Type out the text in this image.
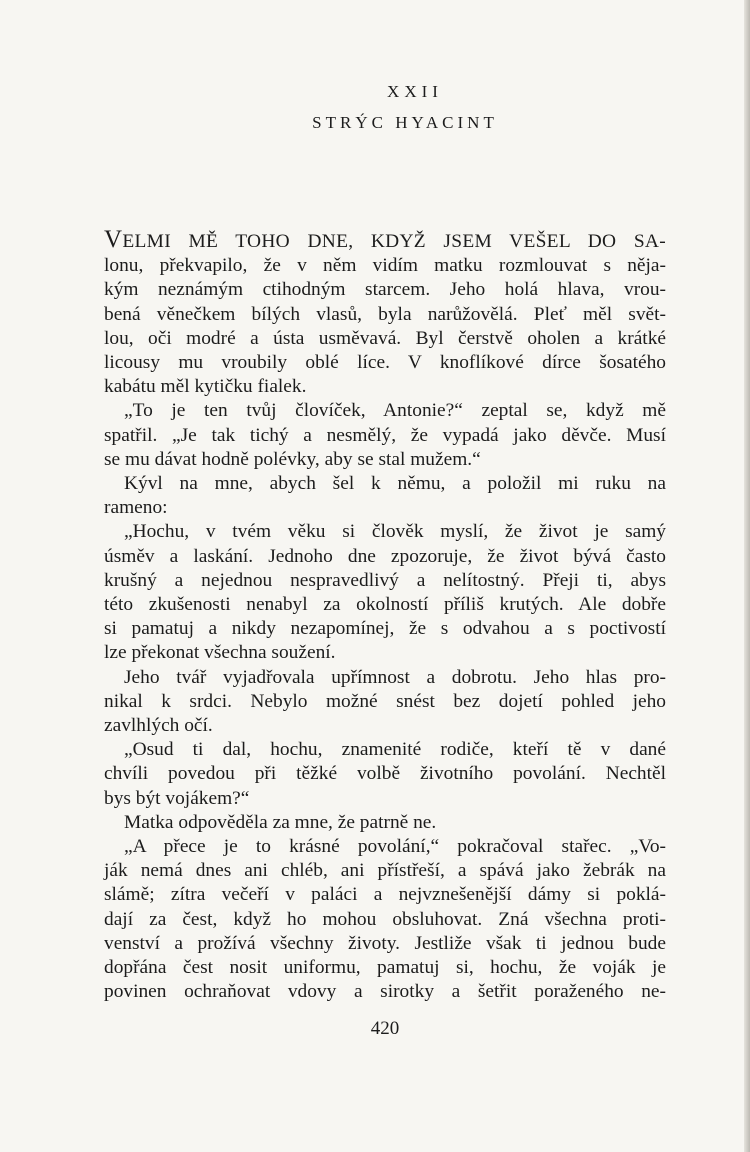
XXII
STRÝC HYACINT
VELMI MĚ TOHO DNE, KDYŽ JSEM VEŠEL DO SA-
lonu, překvapilo, že v něm vidím matku rozmlouvat s něja-
kým neznámým ctihodným starcem. Jeho holá hlava, vrou-
bená věnečkem bílých vlasů, byla narůžovělá. Pleť měl svět-
lou, oči modré a ústa usměvavá. Byl čerstvě oholen a krátké
licousy mu vroubily oblé líce. V knoflíkové dírce šosatého
kabátu měl kytičku fialek.
„To je ten tvůj človíček, Antonie?“ zeptal se, když mě
spatřil. „Je tak tichý a nesmělý, že vypadá jako děvče. Musí
se mu dávat hodně polévky, aby se stal mužem.“
Kývl na mne, abych šel k němu, a položil mi ruku na
rameno:
„Hochu, v tvém věku si člověk myslí, že život je samý
úsměv a laskání. Jednoho dne zpozoruje, že život bývá často
krušný a nejednou nespravedlivý a nelítostný. Přeji ti, abys
této zkušenosti nenabyl za okolností příliš krutých. Ale dobře
si pamatuj a nikdy nezapomínej, že s odvahou a s poctivostí
lze překonat všechna soužení.
Jeho tvář vyjadřovala upřímnost a dobrotu. Jeho hlas pro-
nikal k srdci. Nebylo možné snést bez dojetí pohled jeho
zavlhlých očí.
„Osud ti dal, hochu, znamenité rodiče, kteří tě v dané
chvíli povedou při těžké volbě životního povolání. Nechtěl
bys být vojákem?“
Matka odpověděla za mne, že patrně ne.
„A přece je to krásné povolání,“ pokračoval stařec. „Vo-
ják nemá dnes ani chléb, ani přístřeší, a spává jako žebrák na
slámě; zítra večeří v paláci a nejvznešenější dámy si poklá-
dají za čest, když ho mohou obsluhovat. Zná všechna proti-
venství a prožívá všechny životy. Jestliže však ti jednou bude
dopřána čest nosit uniformu, pamatuj si, hochu, že voják je
povinen ochraňovat vdovy a sirotky a šetřit poraženého ne-
420
